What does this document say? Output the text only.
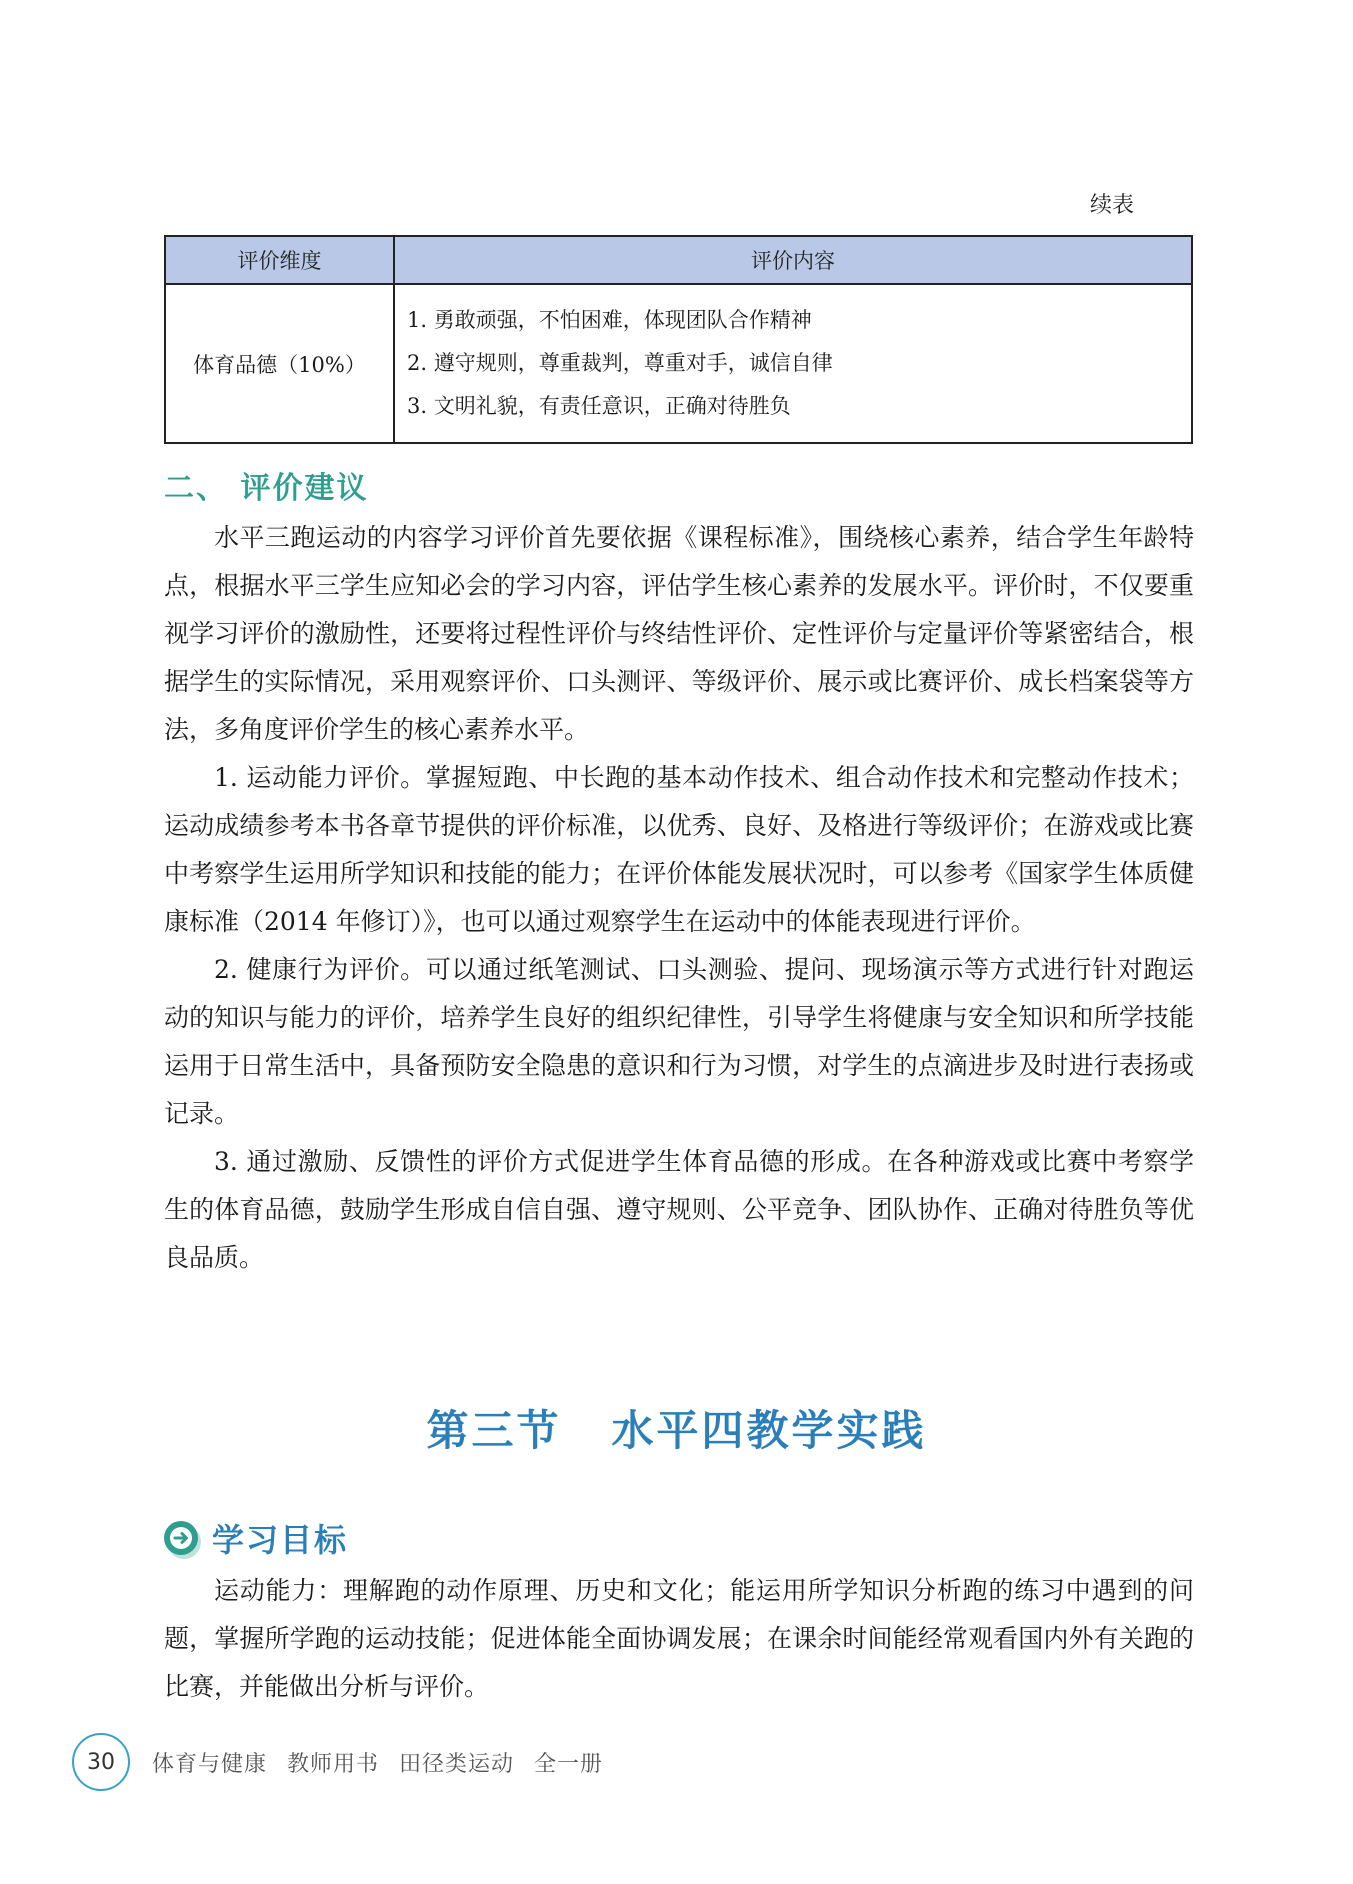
续表
评价维度	评价内容
体育品德（10%）	1. 勇敢顽强，不怕困难，体现团队合作精神
2. 遵守规则，尊重裁判，尊重对手，诚信自律
3. 文明礼貌，有责任意识，正确对待胜负
二、 评价建议

水平三跑运动的内容学习评价首先要依据《课程标准》，围绕核心素养，结合学生年龄特点，根据水平三学生应知必会的学习内容，评估学生核心素养的发展水平。评价时，不仅要重视学习评价的激励性，还要将过程性评价与终结性评价、定性评价与定量评价等紧密结合，根据学生的实际情况，采用观察评价、口头测评、等级评价、展示或比赛评价、成长档案袋等方法，多角度评价学生的核心素养水平。

1. 运动能力评价。掌握短跑、中长跑的基本动作技术、组合动作技术和完整动作技术；运动成绩参考本书各章节提供的评价标准，以优秀、良好、及格进行等级评价；在游戏或比赛中考察学生运用所学知识和技能的能力；在评价体能发展状况时，可以参考《国家学生体质健康标准（2014 年修订）》，也可以通过观察学生在运动中的体能表现进行评价。

2. 健康行为评价。可以通过纸笔测试、口头测验、提问、现场演示等方式进行针对跑运动的知识与能力的评价，培养学生良好的组织纪律性，引导学生将健康与安全知识和所学技能运用于日常生活中，具备预防安全隐患的意识和行为习惯，对学生的点滴进步及时进行表扬或记录。

3. 通过激励、反馈性的评价方式促进学生体育品德的形成。在各种游戏或比赛中考察学生的体育品德，鼓励学生形成自信自强、遵守规则、公平竞争、团队协作、正确对待胜负等优良品质。

第三节 水平四教学实践
学习目标

运动能力：理解跑的动作原理、历史和文化；能运用所学知识分析跑的练习中遇到的问题，掌握所学跑的运动技能；促进体能全面协调发展；在课余时间能经常观看国内外有关跑的比赛，并能做出分析与评价。

30	体育与健康 教师用书 田径类运动 全一册
